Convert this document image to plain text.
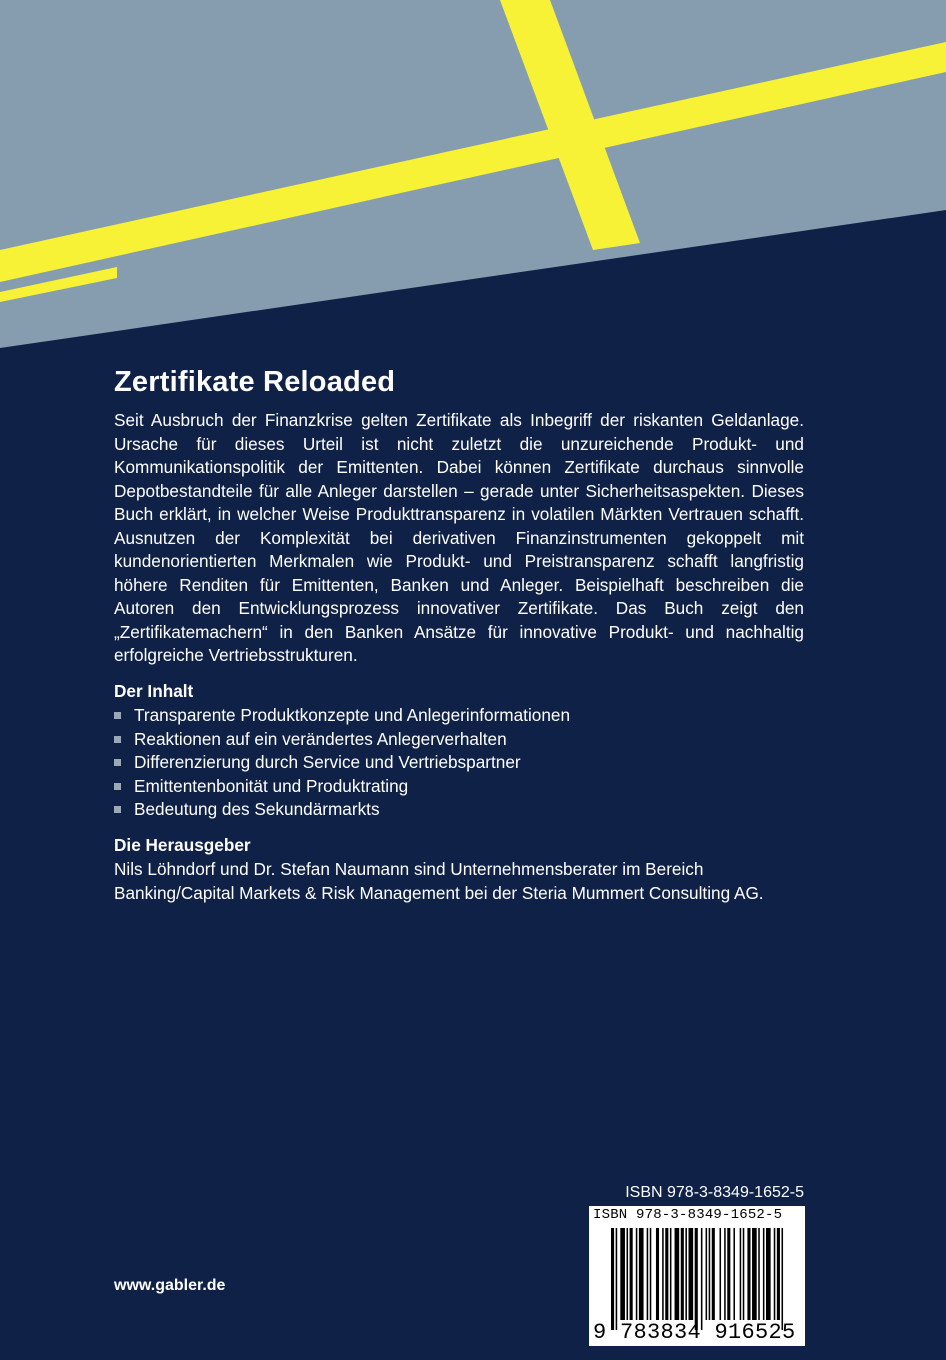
Zertifikate Reloaded

Seit Ausbruch der Finanzkrise gelten Zertifikate als Inbegriff der riskanten Geldanlage. Ursache für dieses Urteil ist nicht zuletzt die unzureichende Produkt- und Kommunikationspolitik der Emittenten. Dabei können Zertifikate durchaus sinnvolle Depotbestandteile für alle Anleger darstellen – gerade unter Sicherheitsaspekten. Dieses Buch erklärt, in welcher Weise Produkttransparenz in volatilen Märkten Vertrauen schafft. Ausnutzen der Komplexität bei derivativen Finanzinstrumenten gekoppelt mit kundenorientierten Merkmalen wie Produkt- und Preistransparenz schafft langfristig höhere Renditen für Emittenten, Banken und Anleger. Beispielhaft beschreiben die Autoren den Entwicklungsprozess innovativer Zertifikate. Das Buch zeigt den „Zertifikatemachern“ in den Banken Ansätze für innovative Produkt- und nachhaltig erfolgreiche Vertriebsstrukturen.

Der Inhalt
Transparente Produktkonzepte und Anlegerinformationen
Reaktionen auf ein verändertes Anlegerverhalten
Differenzierung durch Service und Vertriebspartner
Emittentenbonität und Produktrating
Bedeutung des Sekundärmarkts
Die Herausgeber

Nils Löhndorf und Dr. Stefan Naumann sind Unternehmensberater im Bereich Banking/Capital Markets & Risk Management bei der Steria Mummert Consulting AG.

ISBN 978-3-8349-1652-5
ISBN 978-3-8349-1652-5
9 783834 916525
www.gabler.de
